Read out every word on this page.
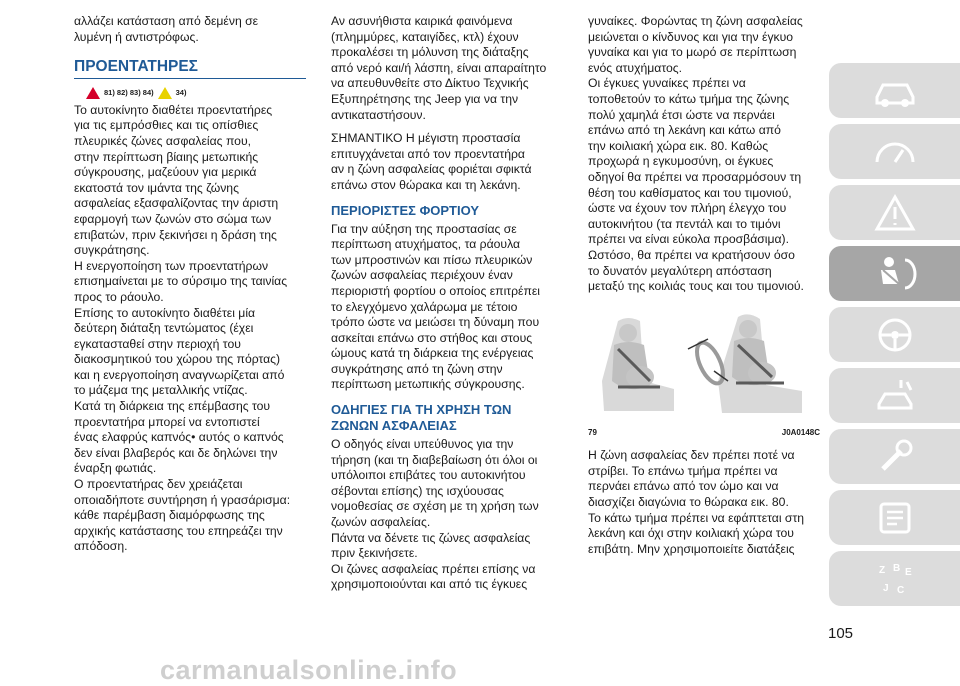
αλλάζει κατάσταση από δεμένη σε
λυμένη ή αντιστρόφως.

ΠΡΟΕΝΤΑΤΗΡΕΣ
81) 82) 83) 84)	34)

Το αυτοκίνητο διαθέτει προεντατήρες
για τις εμπρόσθιες και τις οπίσθιες
πλευρικές ζώνες ασφαλείας που,
στην περίπτωση βίαιης μετωπικής
σύγκρουσης, μαζεύουν για μερικά
εκατοστά τον ιμάντα της ζώνης
ασφαλείας εξασφαλίζοντας την άριστη
εφαρμογή των ζωνών στο σώμα των
επιβατών, πριν ξεκινήσει η δράση της
συγκράτησης.
Η ενεργοποίηση των προεντατήρων
επισημαίνεται με το σύρσιμο της ταινίας
προς το ράουλο.
Επίσης το αυτοκίνητο διαθέτει μία
δεύτερη διάταξη τεντώματος (έχει
εγκατασταθεί στην περιοχή του
διακοσμητικού του χώρου της πόρτας)
και η ενεργοποίηση αναγνωρίζεται από
το μάζεμα της μεταλλικής ντίζας.
Κατά τη διάρκεια της επέμβασης του
προεντατήρα μπορεί να εντοπιστεί
ένας ελαφρύς καπνός• αυτός ο καπνός
δεν είναι βλαβερός και δε δηλώνει την
έναρξη φωτιάς.
Ο προεντατήρας δεν χρειάζεται
οποιαδήποτε συντήρηση ή γρασάρισμα:
κάθε παρέμβαση διαμόρφωσης της
αρχικής κατάστασης του επηρεάζει την
απόδοση.

Αν ασυνήθιστα καιρικά φαινόμενα
(πλημμύρες, καταιγίδες, κτλ) έχουν
προκαλέσει τη μόλυνση της διάταξης
από νερό και/ή λάσπη, είναι απαραίτητο
να απευθυνθείτε στο Δίκτυο Τεχνικής
Εξυπηρέτησης της Jeep για να την
αντικαταστήσουν.

ΣΗΜΑΝΤΙΚΟ Η μέγιστη προστασία
επιτυγχάνεται από τον προεντατήρα
αν η ζώνη ασφαλείας φοριέται σφικτά
επάνω στον θώρακα και τη λεκάνη.

ΠΕΡΙΟΡΙΣΤΕΣ ΦΟΡΤΙΟΥ

Για την αύξηση της προστασίας σε
περίπτωση ατυχήματος, τα ράουλα
των μπροστινών και πίσω πλευρικών
ζωνών ασφαλείας περιέχουν έναν
περιοριστή φορτίου ο οποίος επιτρέπει
το ελεγχόμενο χαλάρωμα με τέτοιο
τρόπο ώστε να μειώσει τη δύναμη που
ασκείται επάνω στο στήθος και στους
ώμους κατά τη διάρκεια της ενέργειας
συγκράτησης από τη ζώνη στην
περίπτωση μετωπικής σύγκρουσης.

ΟΔΗΓΙΕΣ ΓΙΑ ΤΗ ΧΡΗΣΗ ΤΩΝ
ΖΩΝΩΝ ΑΣΦΑΛΕΙΑΣ

Ο οδηγός είναι υπεύθυνος για την
τήρηση (και τη διαβεβαίωση ότι όλοι οι
υπόλοιποι επιβάτες του αυτοκινήτου
σέβονται επίσης) της ισχύουσας
νομοθεσίας σε σχέση με τη χρήση των
ζωνών ασφαλείας.
Πάντα να δένετε τις ζώνες ασφαλείας
πριν ξεκινήσετε.
Οι ζώνες ασφαλείας πρέπει επίσης να
χρησιμοποιούνται και από τις έγκυες

γυναίκες. Φορώντας τη ζώνη ασφαλείας
μειώνεται ο κίνδυνος και για την έγκυο
γυναίκα και για το μωρό σε περίπτωση
ενός ατυχήματος.
Οι έγκυες γυναίκες πρέπει να
τοποθετούν το κάτω τμήμα της ζώνης
πολύ χαμηλά έτσι ώστε να περνάει
επάνω από τη λεκάνη και κάτω από
την κοιλιακή χώρα εικ. 80. Καθώς
προχωρά η εγκυμοσύνη, οι έγκυες
οδηγοί θα πρέπει να προσαρμόσουν τη
θέση του καθίσματος και του τιμονιού,
ώστε να έχουν τον πλήρη έλεγχο του
αυτοκινήτου (τα πεντάλ και το τιμόνι
πρέπει να είναι εύκολα προσβάσιμα).
Ωστόσο, θα πρέπει να κρατήσουν όσο
το δυνατόν μεγαλύτερη απόσταση
μεταξύ της κοιλιάς τους και του τιμονιού.

79	J0A0148C

Η ζώνη ασφαλείας δεν πρέπει ποτέ να
στρίβει. Το επάνω τμήμα πρέπει να
περνάει επάνω από τον ώμο και να
διασχίζει διαγώνια το θώρακα εικ. 80.
Το κάτω τμήμα πρέπει να εφάπτεται στη
λεκάνη και όχι στην κοιλιακή χώρα του
επιβάτη. Μην χρησιμοποιείτε διατάξεις

Z B E
J C
105
carmanualsonline.info
